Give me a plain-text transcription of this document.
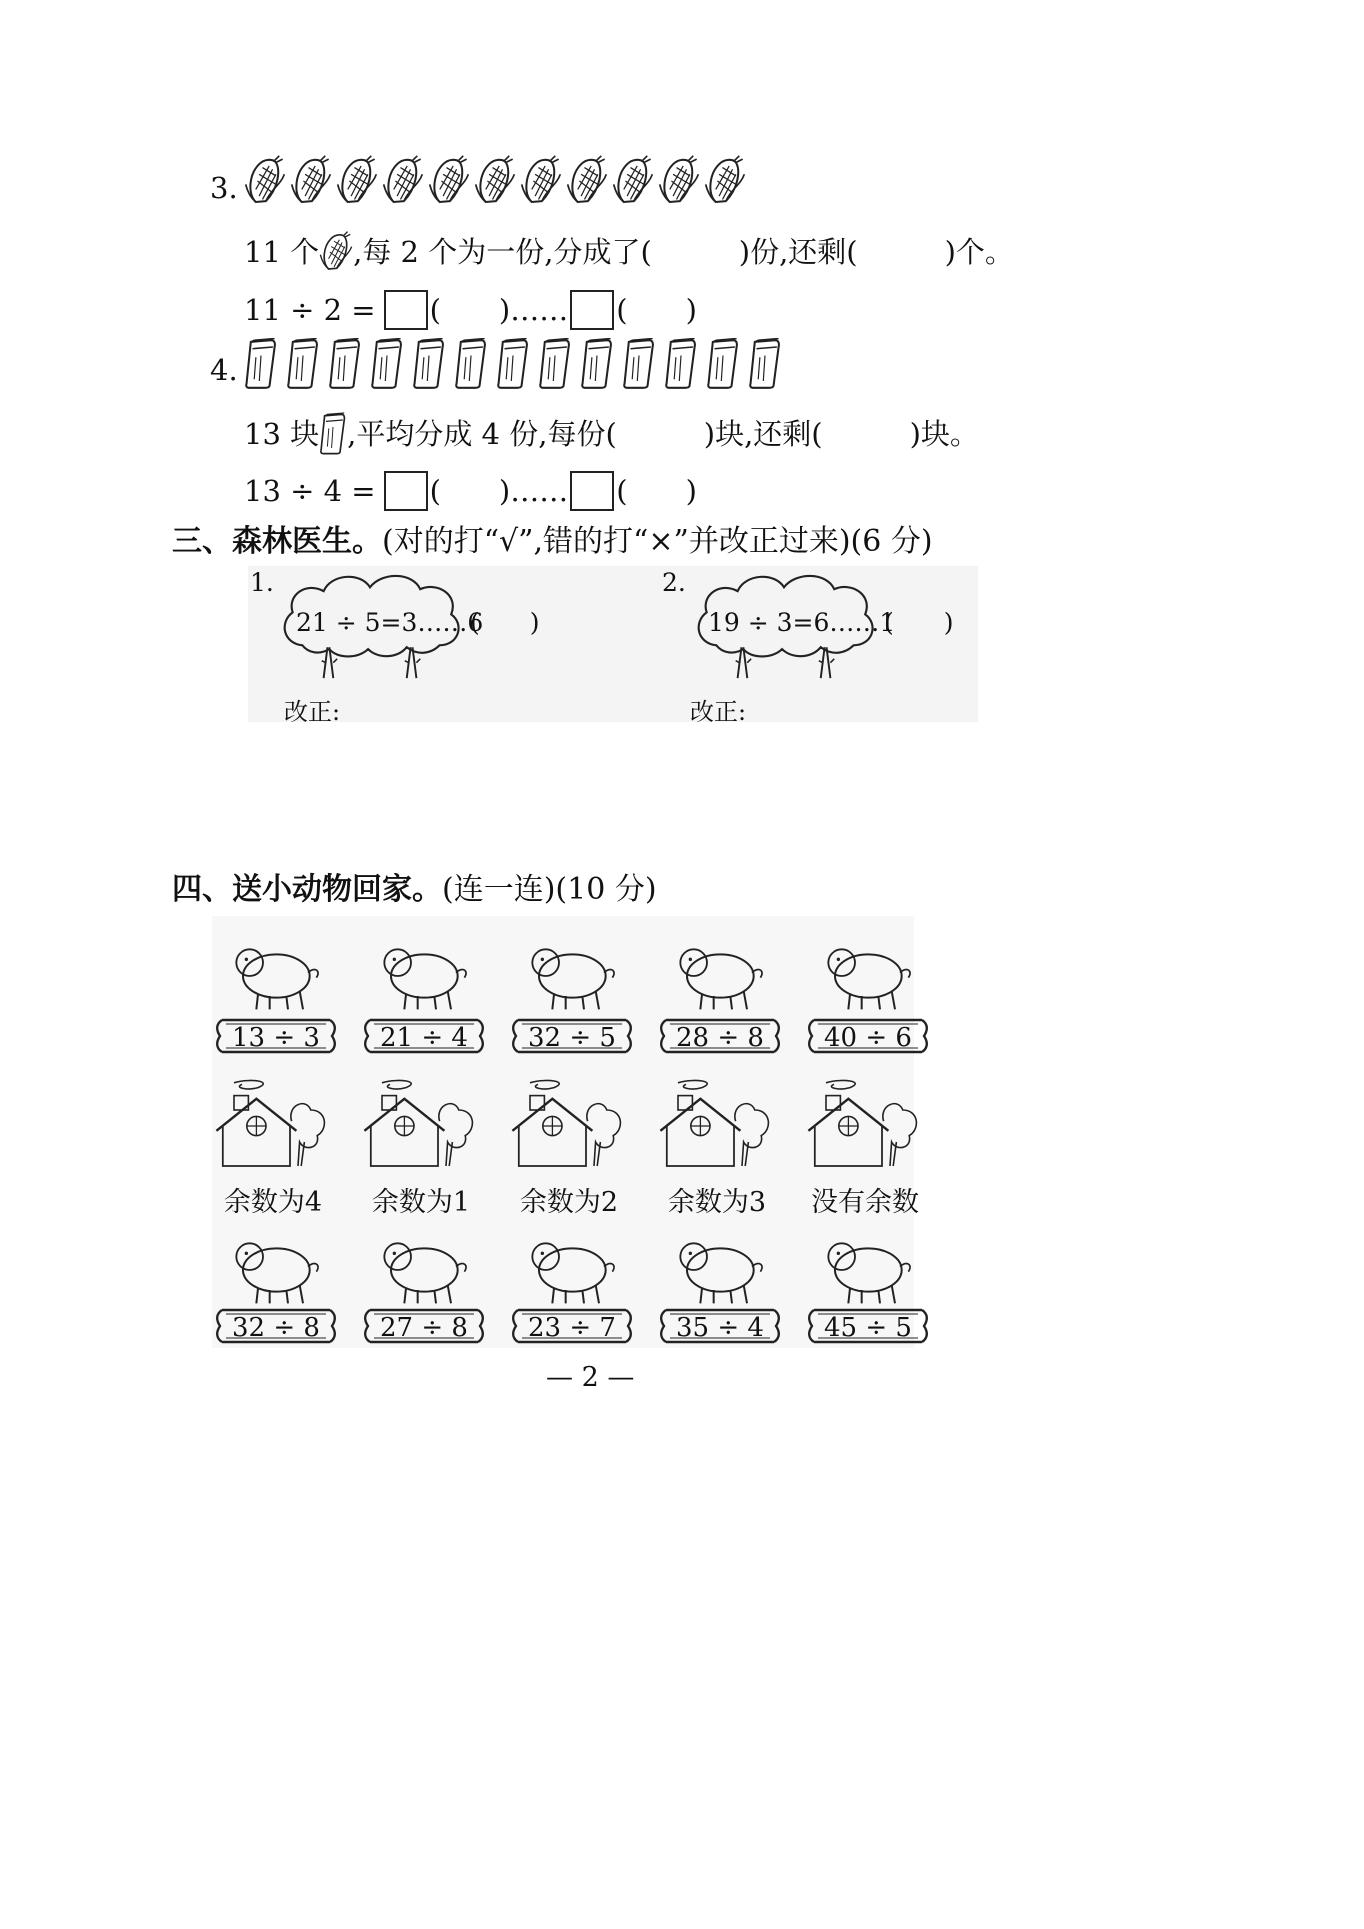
3.
11 个 ,每 2 个为一份,分成了(　　　)份,还剩(　　　)个。
11 ÷ 2 = (　　) …… (　　)
4.
13 块 ,平均分成 4 份,每份(　　　)块,还剩(　　　)块。
13 ÷ 4 = (　　) …… (　　)
三、森林医生。(对的打“√”,错的打“×”并改正过来)(6 分)
1.
21 ÷ 5=3……6
(　　)
改正:
2.
19 ÷ 3=6……1
(　　)
改正:
四、送小动物回家。(连一连)(10 分)
13 ÷ 3	21 ÷ 4	32 ÷ 5	28 ÷ 8	40 ÷ 6
余数为4	余数为1	余数为2	余数为3	没有余数
32 ÷ 8	27 ÷ 8	23 ÷ 7	35 ÷ 4	45 ÷ 5
— 2 —
